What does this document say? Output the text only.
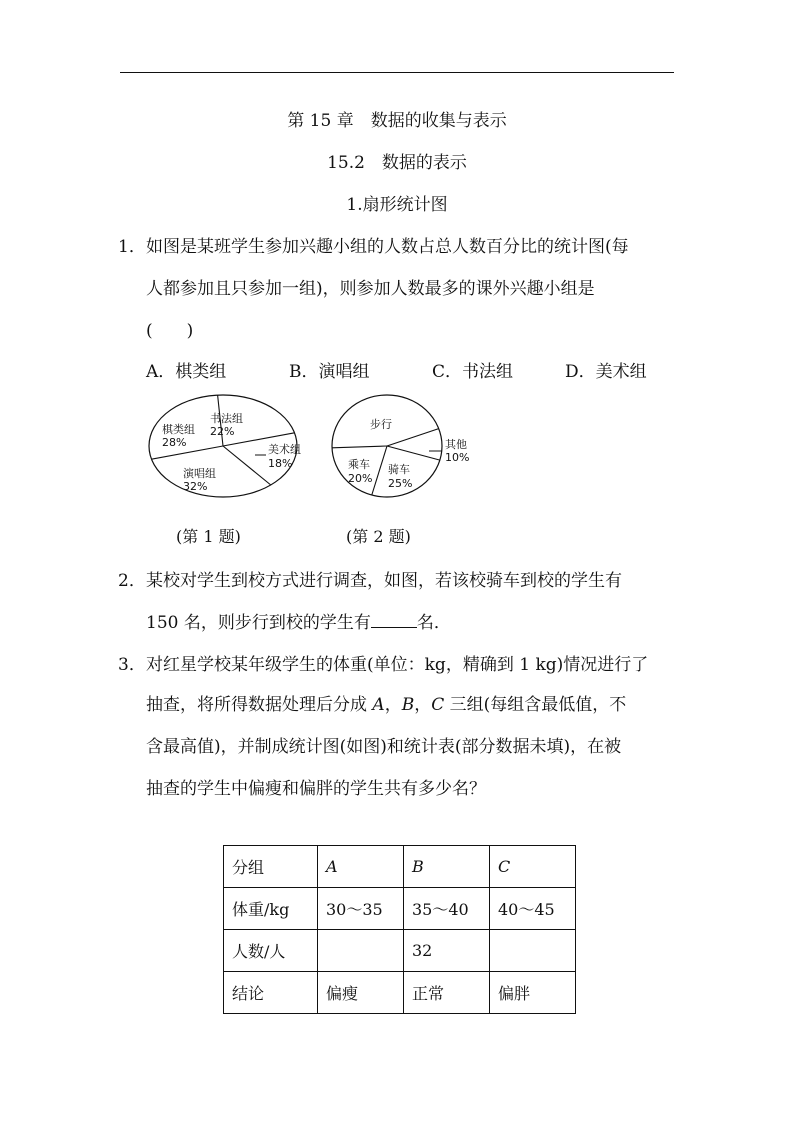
第 15 章　数据的收集与表示
15.2　数据的表示
1.扇形统计图
1． 如图是某班学生参加兴趣小组的人数占总人数百分比的统计图(每
人都参加且只参加一组)，则参加人数最多的课外兴趣小组是
(　　)
A．棋类组	B．演唱组	C．书法组	D．美术组
棋类组
28%
书法组
22%
美术组
18%
演唱组
32%
步行
其他
10%
骑车
25%
乘车
20%
(第 1 题)	(第 2 题)
2． 某校对学生到校方式进行调查，如图，若该校骑车到校的学生有
150 名，则步行到校的学生有	名．
3． 对红星学校某年级学生的体重(单位：kg，精确到 1 kg)情况进行了
抽查，将所得数据处理后分成 A，B，C 三组(每组含最低值，不
含最高值)，并制成统计图(如图)和统计表(部分数据未填)，在被
抽查的学生中偏瘦和偏胖的学生共有多少名？
分组	A	B	C
体重/kg	30～35	35～40	40～45
人数/人		32	
结论	偏瘦	正常	偏胖
